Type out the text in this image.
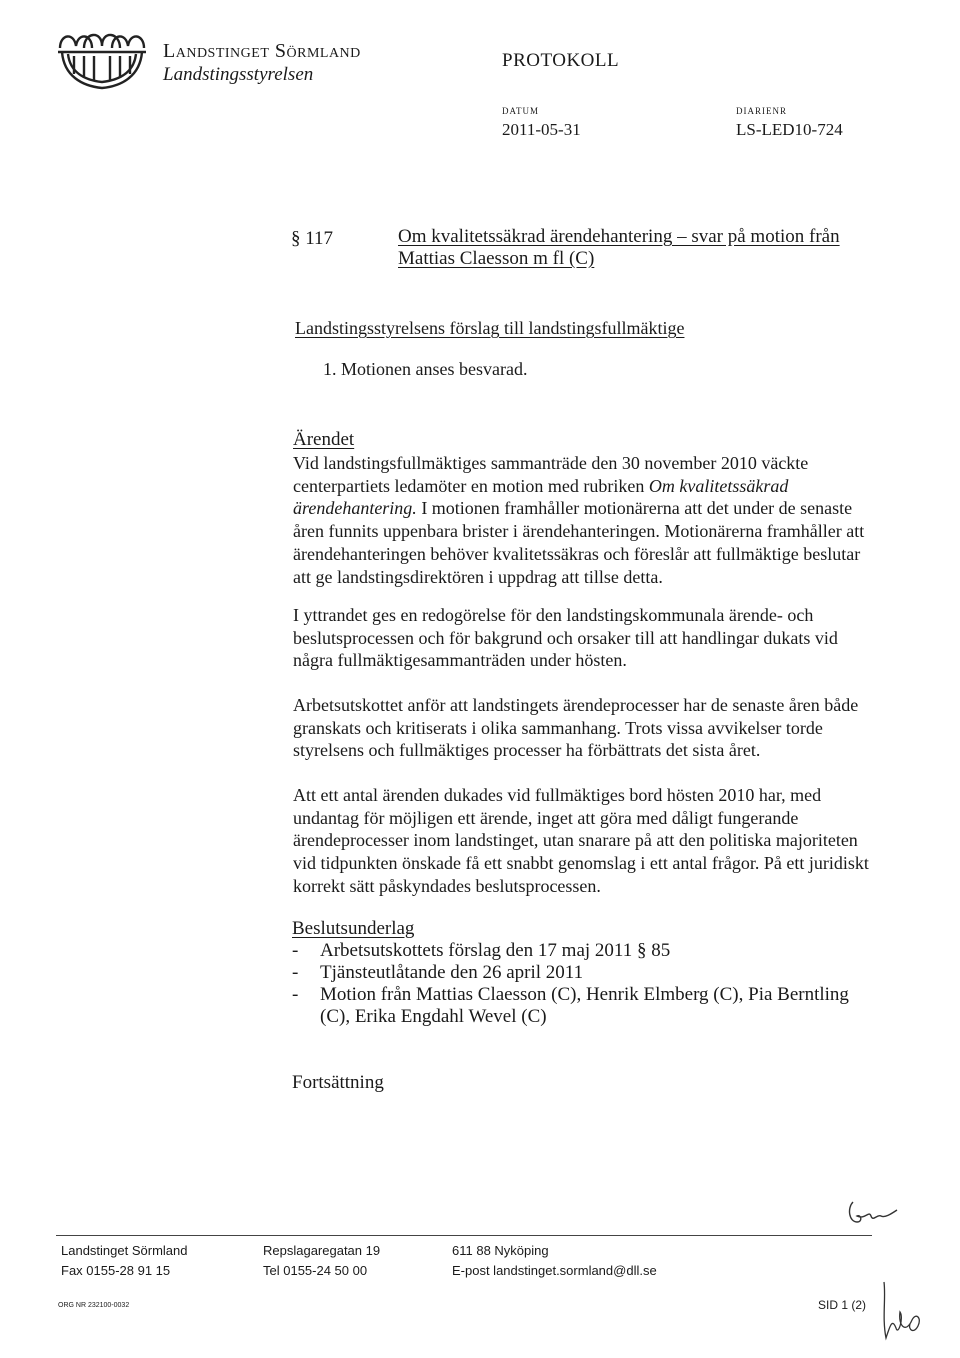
Landstinget Sörmland
Landstingsstyrelsen
PROTOKOLL
DATUM
2011-05-31
DIARIENR
LS-LED10-724
§ 117	Om kvalitetssäkrad ärendehantering – svar på motion från Mattias Claesson m fl (C)
Landstingsstyrelsens förslag till landstingsfullmäktige
1. Motionen anses besvarad.
Ärendet
Vid landstingsfullmäktiges sammanträde den 30 november 2010 väckte centerpartiets ledamöter en motion med rubriken Om kvalitetssäkrad ärendehantering. I motionen framhåller motionärerna att det under de senaste åren funnits uppenbara brister i ärendehanteringen. Motionärerna framhåller att ärendehanteringen behöver kvalitetssäkras och föreslår att fullmäktige beslutar att ge landstingsdirektören i uppdrag att tillse detta.
I yttrandet ges en redogörelse för den landstingskommunala ärende- och beslutsprocessen och för bakgrund och orsaker till att handlingar dukats vid några fullmäktigesammanträden under hösten.
Arbetsutskottet anför att landstingets ärendeprocesser har de senaste åren både granskats och kritiserats i olika sammanhang. Trots vissa avvikelser torde styrelsens och fullmäktiges processer ha förbättrats det sista året.
Att ett antal ärenden dukades vid fullmäktiges bord hösten 2010 har, med undantag för möjligen ett ärende, inget att göra med dåligt fungerande ärendeprocesser inom landstinget, utan snarare på att den politiska majoriteten vid tidpunkten önskade få ett snabbt genomslag i ett antal frågor. På ett juridiskt korrekt sätt påskyndades beslutsprocessen.
Beslutsunderlag
- Arbetsutskottets förslag den 17 maj 2011 § 85
- Tjänsteutlåtande den 26 april 2011
- Motion från Mattias Claesson (C), Henrik Elmberg (C), Pia Berntling (C), Erika Engdahl Wevel (C)
Fortsättning
Landstinget Sörmland
Fax 0155-28 91 15
Repslagaregatan 19
Tel 0155-24 50 00
611 88 Nyköping
E-post landstinget.sormland@dll.se
ORG NR 232100-0032	SID 1 (2)
